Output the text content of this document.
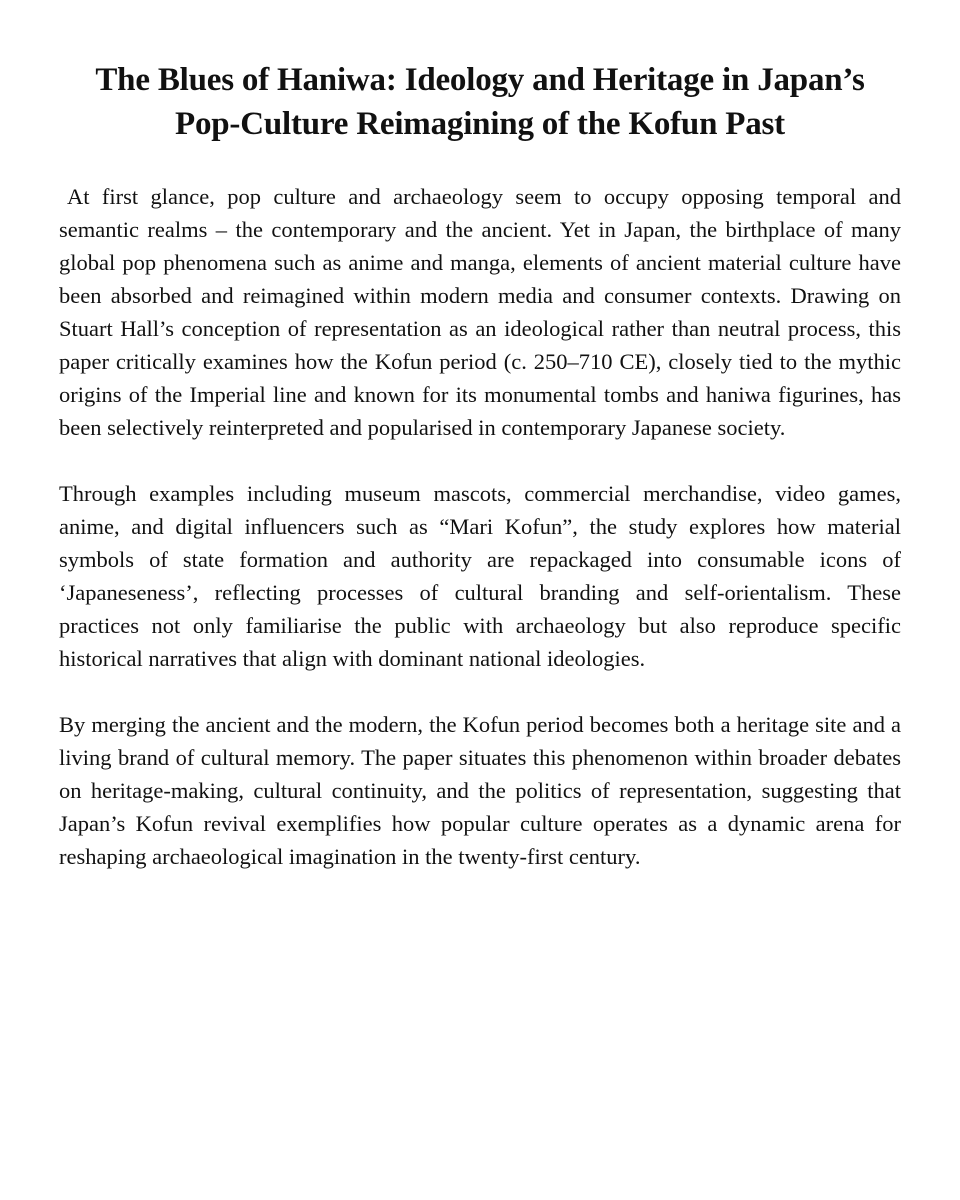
The Blues of Haniwa: Ideology and Heritage in Japan’s
Pop-Culture Reimagining of the Kofun Past

At first glance, pop culture and archaeology seem to occupy opposing temporal and semantic realms – the contemporary and the ancient. Yet in Japan, the birthplace of many global pop phenomena such as anime and manga, elements of ancient material culture have been absorbed and reimagined within modern media and consumer contexts. Drawing on Stuart Hall’s conception of representation as an ideological rather than neutral process, this paper critically examines how the Kofun period (c. 250–710 CE), closely tied to the mythic origins of the Imperial line and known for its monumental tombs and haniwa figurines, has been selectively reinterpreted and popularised in contemporary Japanese society.

Through examples including museum mascots, commercial merchandise, video games, anime, and digital influencers such as “Mari Kofun”, the study explores how material symbols of state formation and authority are repackaged into consumable icons of ‘Japaneseness’, reflecting processes of cultural branding and self-orientalism. These practices not only familiarise the public with archaeology but also reproduce specific historical narratives that align with dominant national ideologies.

By merging the ancient and the modern, the Kofun period becomes both a heritage site and a living brand of cultural memory. The paper situates this phenomenon within broader debates on heritage-making, cultural continuity, and the politics of representation, suggesting that Japan’s Kofun revival exemplifies how popular culture operates as a dynamic arena for reshaping archaeological imagination in the twenty-first century.
